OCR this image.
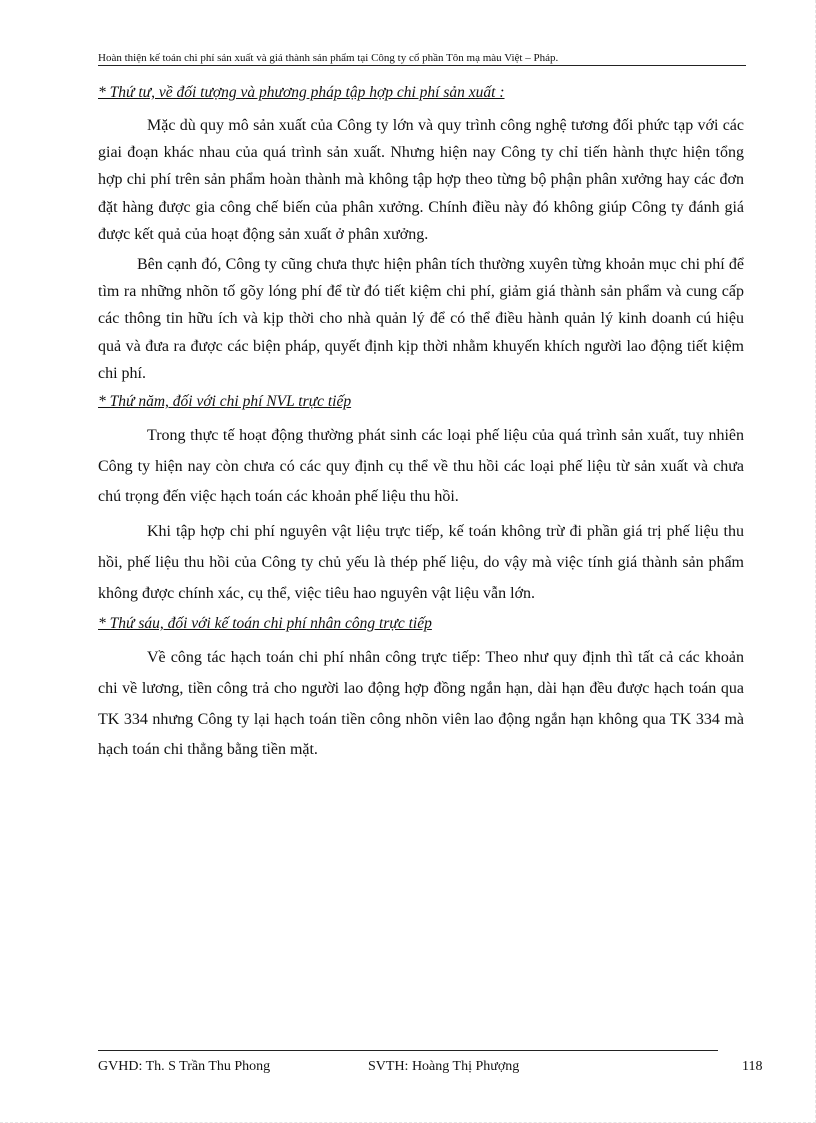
Hoàn thiện kế toán chi phí sản xuất và giá thành sản phẩm tại Công ty cổ phần Tôn mạ màu Việt – Pháp.

* Thứ tư, về đối tượng và phương pháp tập hợp chi phí sản xuất :

Mặc dù quy mô sản xuất của Công ty lớn và quy trình công nghệ tương đối phức tạp với các giai đoạn khác nhau của quá trình sản xuất. Nhưng hiện nay Công ty chỉ tiến hành thực hiện tổng hợp chi phí trên sản phẩm hoàn thành mà không tập hợp theo từng bộ phận phân xưởng hay các đơn đặt hàng được gia công chế biến của phân xưởng. Chính điều này đó không giúp Công ty đánh giá được kết quả của hoạt động sản xuất ở phân xưởng.

Bên cạnh đó, Công ty cũng chưa thực hiện phân tích thường xuyên từng khoản mục chi phí để tìm ra những nhõn tố gõy lóng phí để từ đó tiết kiệm chi phí, giảm giá thành sản phẩm và cung cấp các thông tin hữu ích và kịp thời cho nhà quản lý để có thể điều hành quản lý kinh doanh cú hiệu quả và đưa ra được các biện pháp, quyết định kịp thời nhằm khuyến khích người lao động tiết kiệm chi phí.

* Thứ năm, đối với chi phí NVL trực tiếp

Trong thực tế hoạt động thường phát sinh các loại phế liệu của quá trình sản xuất, tuy nhiên Công ty hiện nay còn chưa có các quy định cụ thể về thu hồi các loại phế liệu từ sản xuất và chưa chú trọng đến việc hạch toán các khoản phế liệu thu hồi.

Khi tập hợp chi phí nguyên vật liệu trực tiếp, kế toán không trừ đi phần giá trị phế liệu thu hồi, phế liệu thu hồi của Công ty chủ yếu là thép phế liệu, do vậy mà việc tính giá thành sản phẩm không được chính xác, cụ thể, việc tiêu hao nguyên vật liệu vẫn lớn.

* Thứ sáu, đối với kế toán chi phí nhân công trực tiếp

Về công tác hạch toán chi phí nhân công trực tiếp: Theo như quy định thì tất cả các khoản chi về lương, tiền công trả cho người lao động hợp đồng ngắn hạn, dài hạn đều được hạch toán qua TK 334 nhưng Công ty lại hạch toán tiền công nhõn viên lao động ngắn hạn không qua TK 334 mà hạch toán chi thẳng bằng tiền mặt.

GVHD: Th. S Trần Thu Phong	SVTH: Hoàng Thị Phượng	118
